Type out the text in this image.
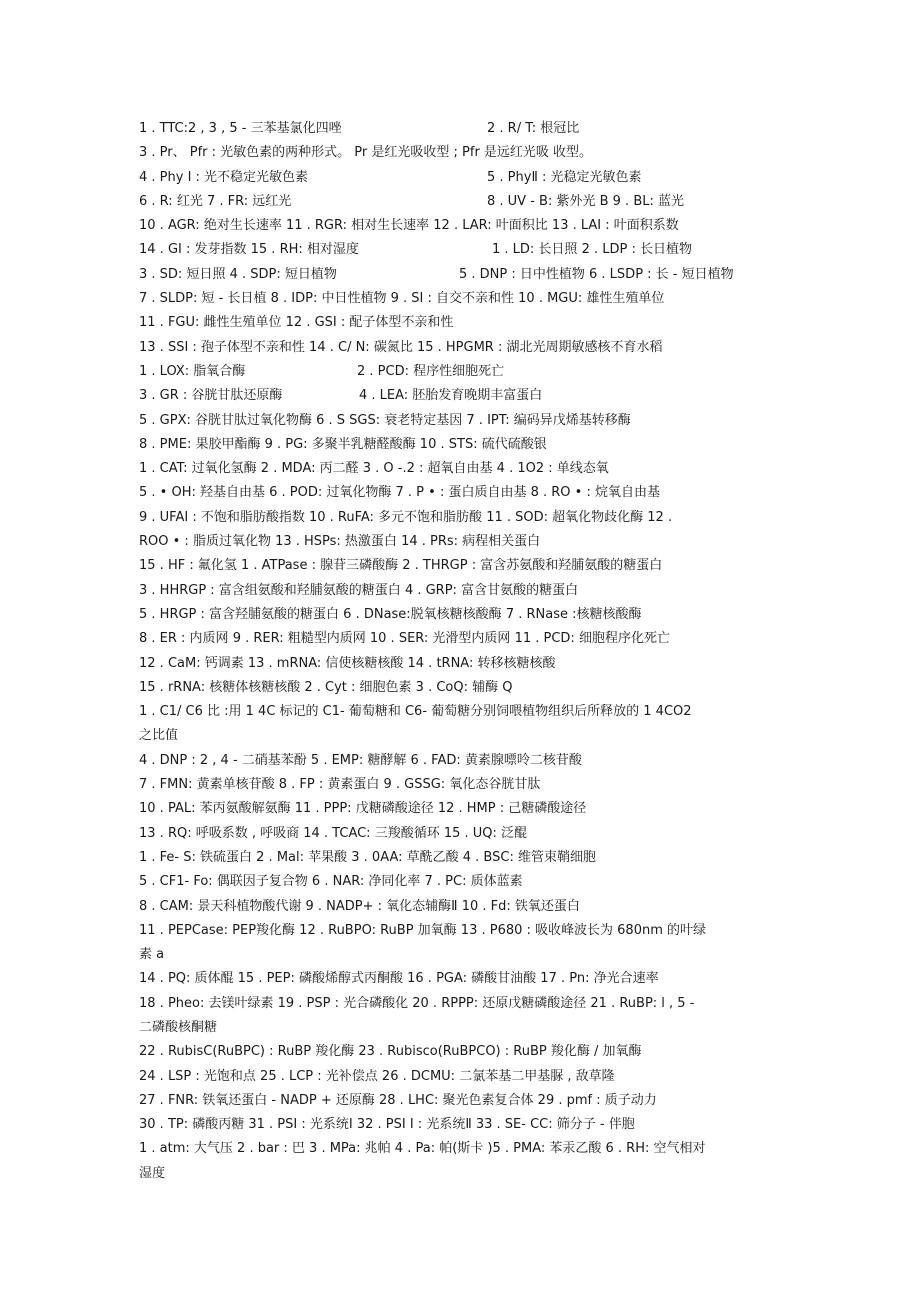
1 . TTC:2 , 3 , 5 - 三苯基氯化四唑	2 . R/ T: 根冠比
3 . Pr、 Pfr : 光敏色素的两种形式。 Pr 是红光吸收型 ; Pfr 是远红光吸 收型。
4 . Phy Ⅰ : 光不稳定光敏色素	5 . PhyⅡ : 光稳定光敏色素
6 . R: 红光 7 . FR: 远红光	8 . UV - B: 紫外光 B 9 . BL: 蓝光
10 . AGR: 绝对生长速率 11 . RGR: 相对生长速率 12 . LAR: 叶面积比 13 . LAI : 叶面积系数
14 . GI : 发芽指数 15 . RH: 相对湿度	1 . LD: 长日照 2 . LDP : 长日植物
3 . SD: 短日照 4 . SDP: 短日植物	5 . DNP : 日中性植物 6 . LSDP : 长 - 短日植物
7 . SLDP: 短 - 长日植 8 . IDP: 中日性植物 9 . SI : 自交不亲和性 10 . MGU: 雄性生殖单位
11 . FGU: 雌性生殖单位 12 . GSI : 配子体型不亲和性
13 . SSI : 孢子体型不亲和性 14 . C/ N: 碳氮比 15 . HPGMR : 湖北光周期敏感核不育水稻
1 . LOX: 脂氧合酶	2 . PCD: 程序性细胞死亡
3 . GR : 谷胱甘肽还原酶	4 . LEA: 胚胎发育晚期丰富蛋白
5 . GPX: 谷胱甘肽过氧化物酶 6 . S SGS: 衰老特定基因 7 . IPT: 编码异戊烯基转移酶
8 . PME: 果胶甲酯酶 9 . PG: 多聚半乳糖醛酸酶 10 . STS: 硫代硫酸银
1 . CAT: 过氧化氢酶 2 . MDA: 丙二醛 3 . O -.2 : 超氧自由基 4 . 1O2 : 单线态氧
5 . • OH: 羟基自由基 6 . POD: 过氧化物酶 7 . P • : 蛋白质自由基 8 . RO • : 烷氧自由基
9 . UFAI : 不饱和脂肪酸指数 10 . RuFA: 多元不饱和脂肪酸 11 . SOD: 超氧化物歧化酶 12 .
ROO • : 脂质过氧化物 13 . HSPs: 热激蛋白 14 . PRs: 病程相关蛋白
15 . HF : 氟化氢 1 . ATPase : 腺苷三磷酸酶 2 . THRGP : 富含苏氨酸和羟脯氨酸的糖蛋白
3 . HHRGP : 富含组氨酸和羟脯氨酸的糖蛋白 4 . GRP: 富含甘氨酸的糖蛋白
5 . HRGP : 富含羟脯氨酸的糖蛋白 6 . DNase:脱氧核糖核酸酶 7 . RNase :核糖核酸酶
8 . ER : 内质网 9 . RER: 粗糙型内质网 10 . SER: 光滑型内质网 11 . PCD: 细胞程序化死亡
12 . CaM: 钙调素 13 . mRNA: 信使核糖核酸 14 . tRNA: 转移核糖核酸
15 . rRNA: 核糖体核糖核酸 2 . Cyt : 细胞色素 3 . CoQ: 辅酶 Q
1 . C1/ C6 比 :用 1 4C 标记的 C1- 葡萄糖和 C6- 葡萄糖分别饲喂植物组织后所释放的 1 4CO2
之比值
4 . DNP : 2 , 4 - 二硝基苯酚 5 . EMP: 糖酵解 6 . FAD: 黄素腺嘌呤二核苷酸
7 . FMN: 黄素单核苷酸 8 . FP : 黄素蛋白 9 . GSSG: 氧化态谷胱甘肽
10 . PAL: 苯丙氨酸解氨酶 11 . PPP: 戊糖磷酸途径 12 . HMP : 己糖磷酸途径
13 . RQ: 呼吸系数 , 呼吸商 14 . TCAC: 三羧酸循环 15 . UQ: 泛醌
1 . Fe- S: 铁硫蛋白 2 . Mal: 苹果酸 3 . 0AA: 草酰乙酸 4 . BSC: 维管束鞘细胞
5 . CF1- Fo: 偶联因子复合物 6 . NAR: 净同化率 7 . PC: 质体蓝素
8 . CAM: 景天科植物酸代谢 9 . NADP+ : 氧化态辅酶Ⅱ 10 . Fd: 铁氧还蛋白
11 . PEPCase: PEP羧化酶 12 . RuBPO: RuBP 加氧酶 13 . P680 : 吸收峰波长为 680nm 的叶绿
素 a
14 . PQ: 质体醌 15 . PEP: 磷酸烯醇式丙酮酸 16 . PGA: 磷酸甘油酸 17 . Pn: 净光合速率
18 . Pheo: 去镁叶绿素 19 . PSP : 光合磷酸化 20 . RPPP: 还原戊糖磷酸途径 21 . RuBP: l , 5 -
二磷酸核酮糖
22 . RubisC(RuBPC) : RuBP 羧化酶 23 . Rubisco(RuBPCO) : RuBP 羧化酶 / 加氧酶
24 . LSP : 光饱和点 25 . LCP : 光补偿点 26 . DCMU: 二氯苯基二甲基脲 , 敌草隆
27 . FNR: 铁氧还蛋白 - NADP + 还原酶 28 . LHC: 聚光色素复合体 29 . pmf : 质子动力
30 . TP: 磷酸丙糖 31 . PSI : 光系统Ⅰ 32 . PSI I : 光系统Ⅱ 33 . SE- CC: 筛分子 - 伴胞
1 . atm: 大气压 2 . bar : 巴 3 . MPa: 兆帕 4 . Pa: 帕(斯卡 )5 . PMA: 苯汞乙酸 6 . RH: 空气相对
湿度
